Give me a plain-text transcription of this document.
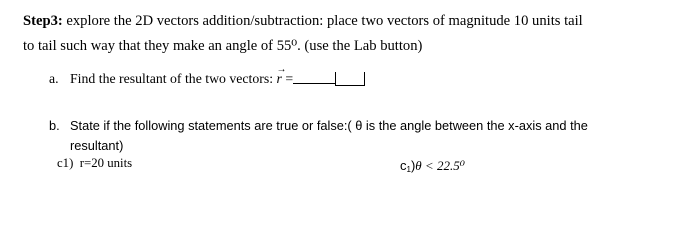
Step3: explore the 2D vectors addition/subtraction: place two vectors of magnitude 10 units tail
to tail such way that they make an angle of 55⁰. (use the Lab button)
a. Find the resultant of the two vectors:
→
r =
b. State if the following statements are true or false:( θ is the angle between the x-axis and the
resultant)
c1) r=20 units	$c_1)\theta < 22.5^0$
